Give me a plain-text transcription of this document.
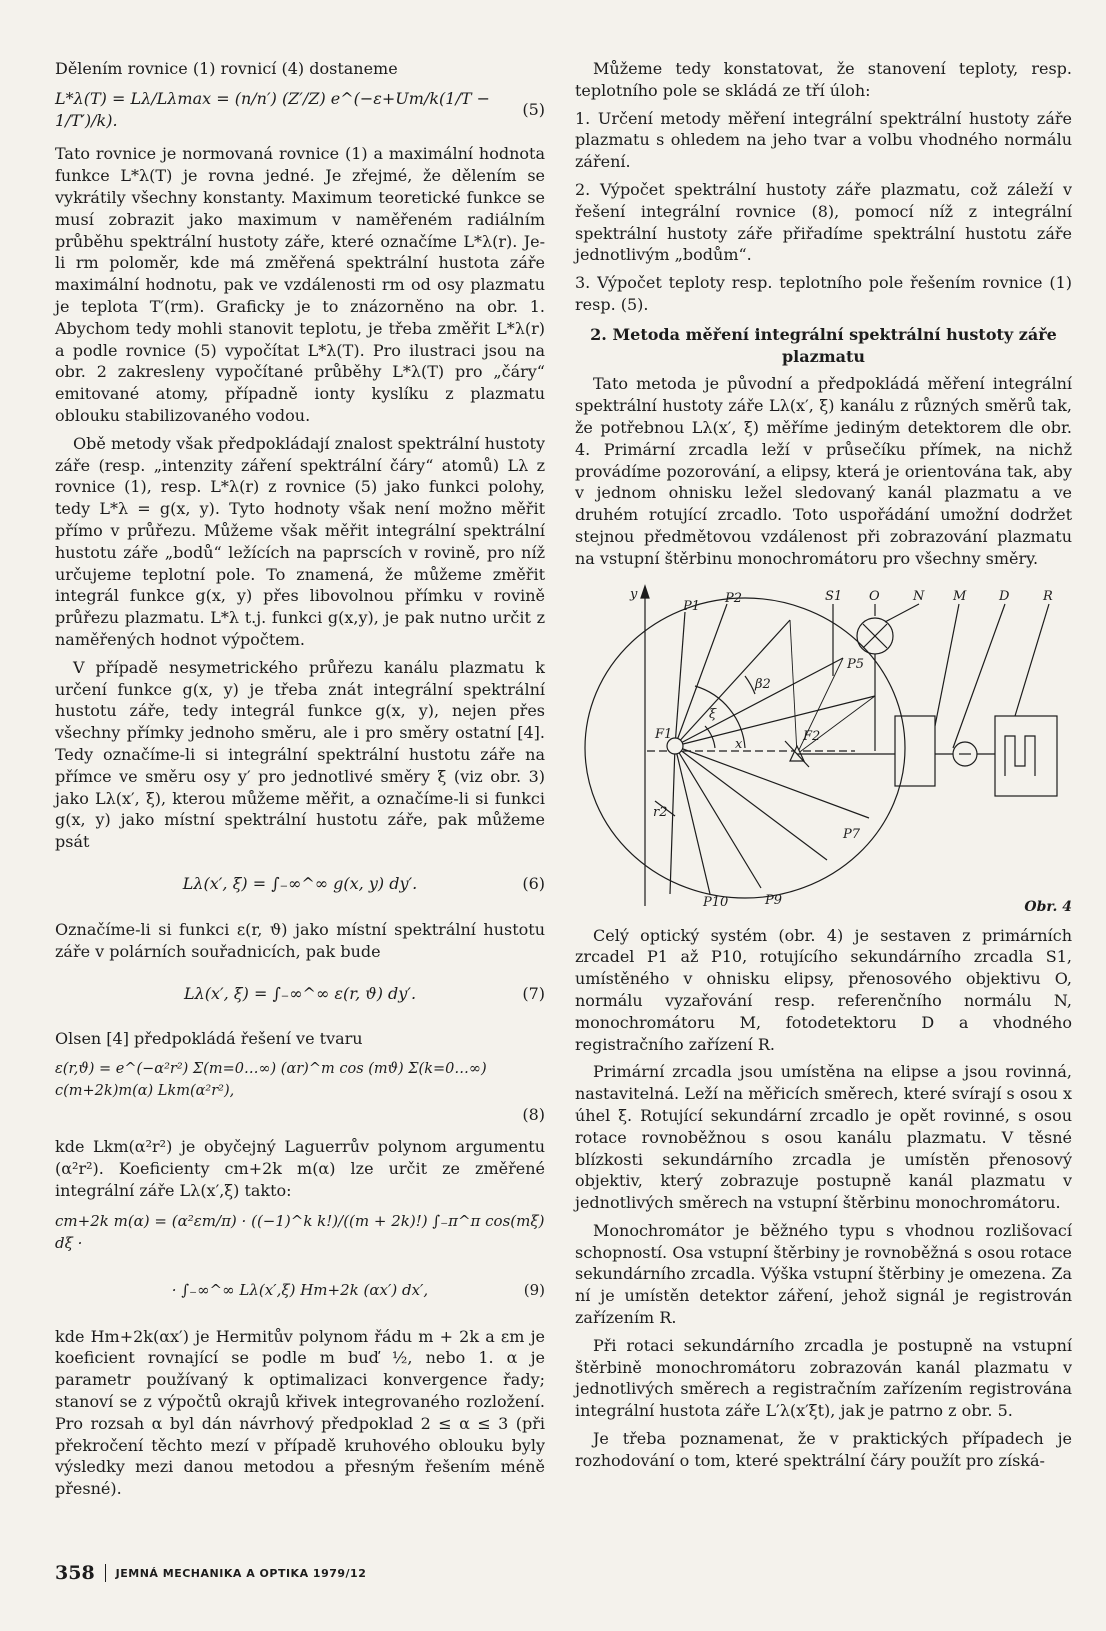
Dělením rovnice (1) rovnicí (4) dostaneme

L*λ(T) = Lλ/Lλmax = (n/n′) (Z′/Z) e^(−ε+Um/k(1/T − 1/T′)/k).
(5)

Tato rovnice je normovaná rovnice (1) a maximální hodnota funkce L*λ(T) je rovna jedné. Je zřejmé, že dělením se vykrátily všechny konstanty. Maximum teoretické funkce se musí zobrazit jako maximum v naměřeném radiálním průběhu spektrální hustoty záře, které označíme L*λ(r). Je-li rm poloměr, kde má změřená spektrální hustota záře maximální hodnotu, pak ve vzdálenosti rm od osy plazmatu je teplota T′(rm). Graficky je to znázorněno na obr. 1. Abychom tedy mohli stanovit teplotu, je třeba změřit L*λ(r) a podle rovnice (5) vypočítat L*λ(T). Pro ilustraci jsou na obr. 2 zakresleny vypočítané průběhy L*λ(T) pro „čáry“ emitované atomy, případně ionty kyslíku z plazmatu oblouku stabilizovaného vodou.

Obě metody však předpokládají znalost spektrální hustoty záře (resp. „intenzity záření spektrální čáry“ atomů) Lλ z rovnice (1), resp. L*λ(r) z rovnice (5) jako funkci polohy, tedy L*λ = g(x, y). Tyto hodnoty však není možno měřit přímo v průřezu. Můžeme však měřit integrální spektrální hustotu záře „bodů“ ležících na paprscích v rovině, pro níž určujeme teplotní pole. To znamená, že můžeme změřit integrál funkce g(x, y) přes libovolnou přímku v rovině průřezu plazmatu. L*λ t.j. funkci g(x,y), je pak nutno určit z naměřených hodnot výpočtem.

V případě nesymetrického průřezu kanálu plazmatu k určení funkce g(x, y) je třeba znát integrální spektrální hustotu záře, tedy integrál funkce g(x, y), nejen přes všechny přímky jednoho směru, ale i pro směry ostatní [4]. Tedy označíme-li si integrální spektrální hustotu záře na přímce ve směru osy y′ pro jednotlivé směry ξ (viz obr. 3) jako Lλ(x′, ξ), kterou můžeme měřit, a označíme-li si funkci g(x, y) jako místní spektrální hustotu záře, pak můžeme psát

Lλ(x′, ξ) = ∫₋∞^∞ g(x, y) dy′.	(6)

Označíme-li si funkci ε(r, ϑ) jako místní spektrální hustotu záře v polárních souřadnicích, pak bude

Lλ(x′, ξ) = ∫₋∞^∞ ε(r, ϑ) dy′.	(7)

Olsen [4] předpokládá řešení ve tvaru

ε(r,ϑ) = e^(−α²r²) Σ(m=0…∞) (αr)^m cos (mϑ) Σ(k=0…∞) c(m+2k)m(α) Lkm(α²r²),
(8)

kde Lkm(α²r²) je obyčejný Laguerrův polynom argumentu (α²r²). Koeficienty cm+2k m(α) lze určit ze změřené integrální záře Lλ(x′,ξ) takto:

cm+2k m(α) = (α²εm/π) · ((−1)^k k!)/((m + 2k)!) ∫₋π^π cos(mξ) dξ ·
· ∫₋∞^∞ Lλ(x′,ξ) Hm+2k (αx′) dx′,	(9)

kde Hm+2k(αx′) je Hermitův polynom řádu m + 2k a εm je koeficient rovnající se podle m buď ½, nebo 1. α je parametr používaný k optimalizaci konvergence řady; stanoví se z výpočtů okrajů křivek integrovaného rozložení. Pro rozsah α byl dán návrhový předpoklad 2 ≤ α ≤ 3 (při překročení těchto mezí v případě kruhového oblouku byly výsledky mezi danou metodou a přesným řešením méně přesné).

Můžeme tedy konstatovat, že stanovení teploty, resp. teplotního pole se skládá ze tří úloh:

1. Určení metody měření integrální spektrální hustoty záře plazmatu s ohledem na jeho tvar a volbu vhodného normálu záření.

2. Výpočet spektrální hustoty záře plazmatu, což záleží v řešení integrální rovnice (8), pomocí níž z integrální spektrální hustoty záře přiřadíme spektrální hustotu záře jednotlivým „bodům“.

3. Výpočet teploty resp. teplotního pole řešením rovnice (1) resp. (5).

2. Metoda měření integrální spektrální hustoty záře plazmatu

Tato metoda je původní a předpokládá měření integrální spektrální hustoty záře Lλ(x′, ξ) kanálu z různých směrů tak, že potřebnou Lλ(x′, ξ) měříme jediným detektorem dle obr. 4. Primární zrcadla leží v průsečíku přímek, na nichž provádíme pozorování, a elipsy, která je orientována tak, aby v jednom ohnisku ležel sledovaný kanál plazmatu a ve druhém rotující zrcadlo. Toto uspořádání umožní dodržet stejnou předmětovou vzdálenost při zobrazování plazmatu na vstupní štěrbinu monochromátoru pro všechny směry.

y
x
P1
P2
P5
P7
P9
P10
S1 O	N M	D	R
F1	F2
ξ
β2
r2
Obr. 4

Celý optický systém (obr. 4) je sestaven z primárních zrcadel P1 až P10, rotujícího sekundárního zrcadla S1, umístěného v ohnisku elipsy, přenosového objektivu O, normálu vyzařování resp. referenčního normálu N, monochromátoru M, fotodetektoru D a vhodného registračního zařízení R.

Primární zrcadla jsou umístěna na elipse a jsou rovinná, nastavitelná. Leží na měřicích směrech, které svírají s osou x úhel ξ. Rotující sekundární zrcadlo je opět rovinné, s osou rotace rovnoběžnou s osou kanálu plazmatu. V těsné blízkosti sekundárního zrcadla je umístěn přenosový objektiv, který zobrazuje postupně kanál plazmatu v jednotlivých směrech na vstupní štěrbinu monochromátoru.

Monochromátor je běžného typu s vhodnou rozlišovací schopností. Osa vstupní štěrbiny je rovnoběžná s osou rotace sekundárního zrcadla. Výška vstupní štěrbiny je omezena. Za ní je umístěn detektor záření, jehož signál je registrován zařízením R.

Při rotaci sekundárního zrcadla je postupně na vstupní štěrbině monochromátoru zobrazován kanál plazmatu v jednotlivých směrech a registračním zařízením registrována integrální hustota záře L′λ(x′ξt), jak je patrno z obr. 5.

Je třeba poznamenat, že v praktických případech je rozhodování o tom, které spektrální čáry použít pro získá-

358 JEMNÁ MECHANIKA A OPTIKA 1979/12
